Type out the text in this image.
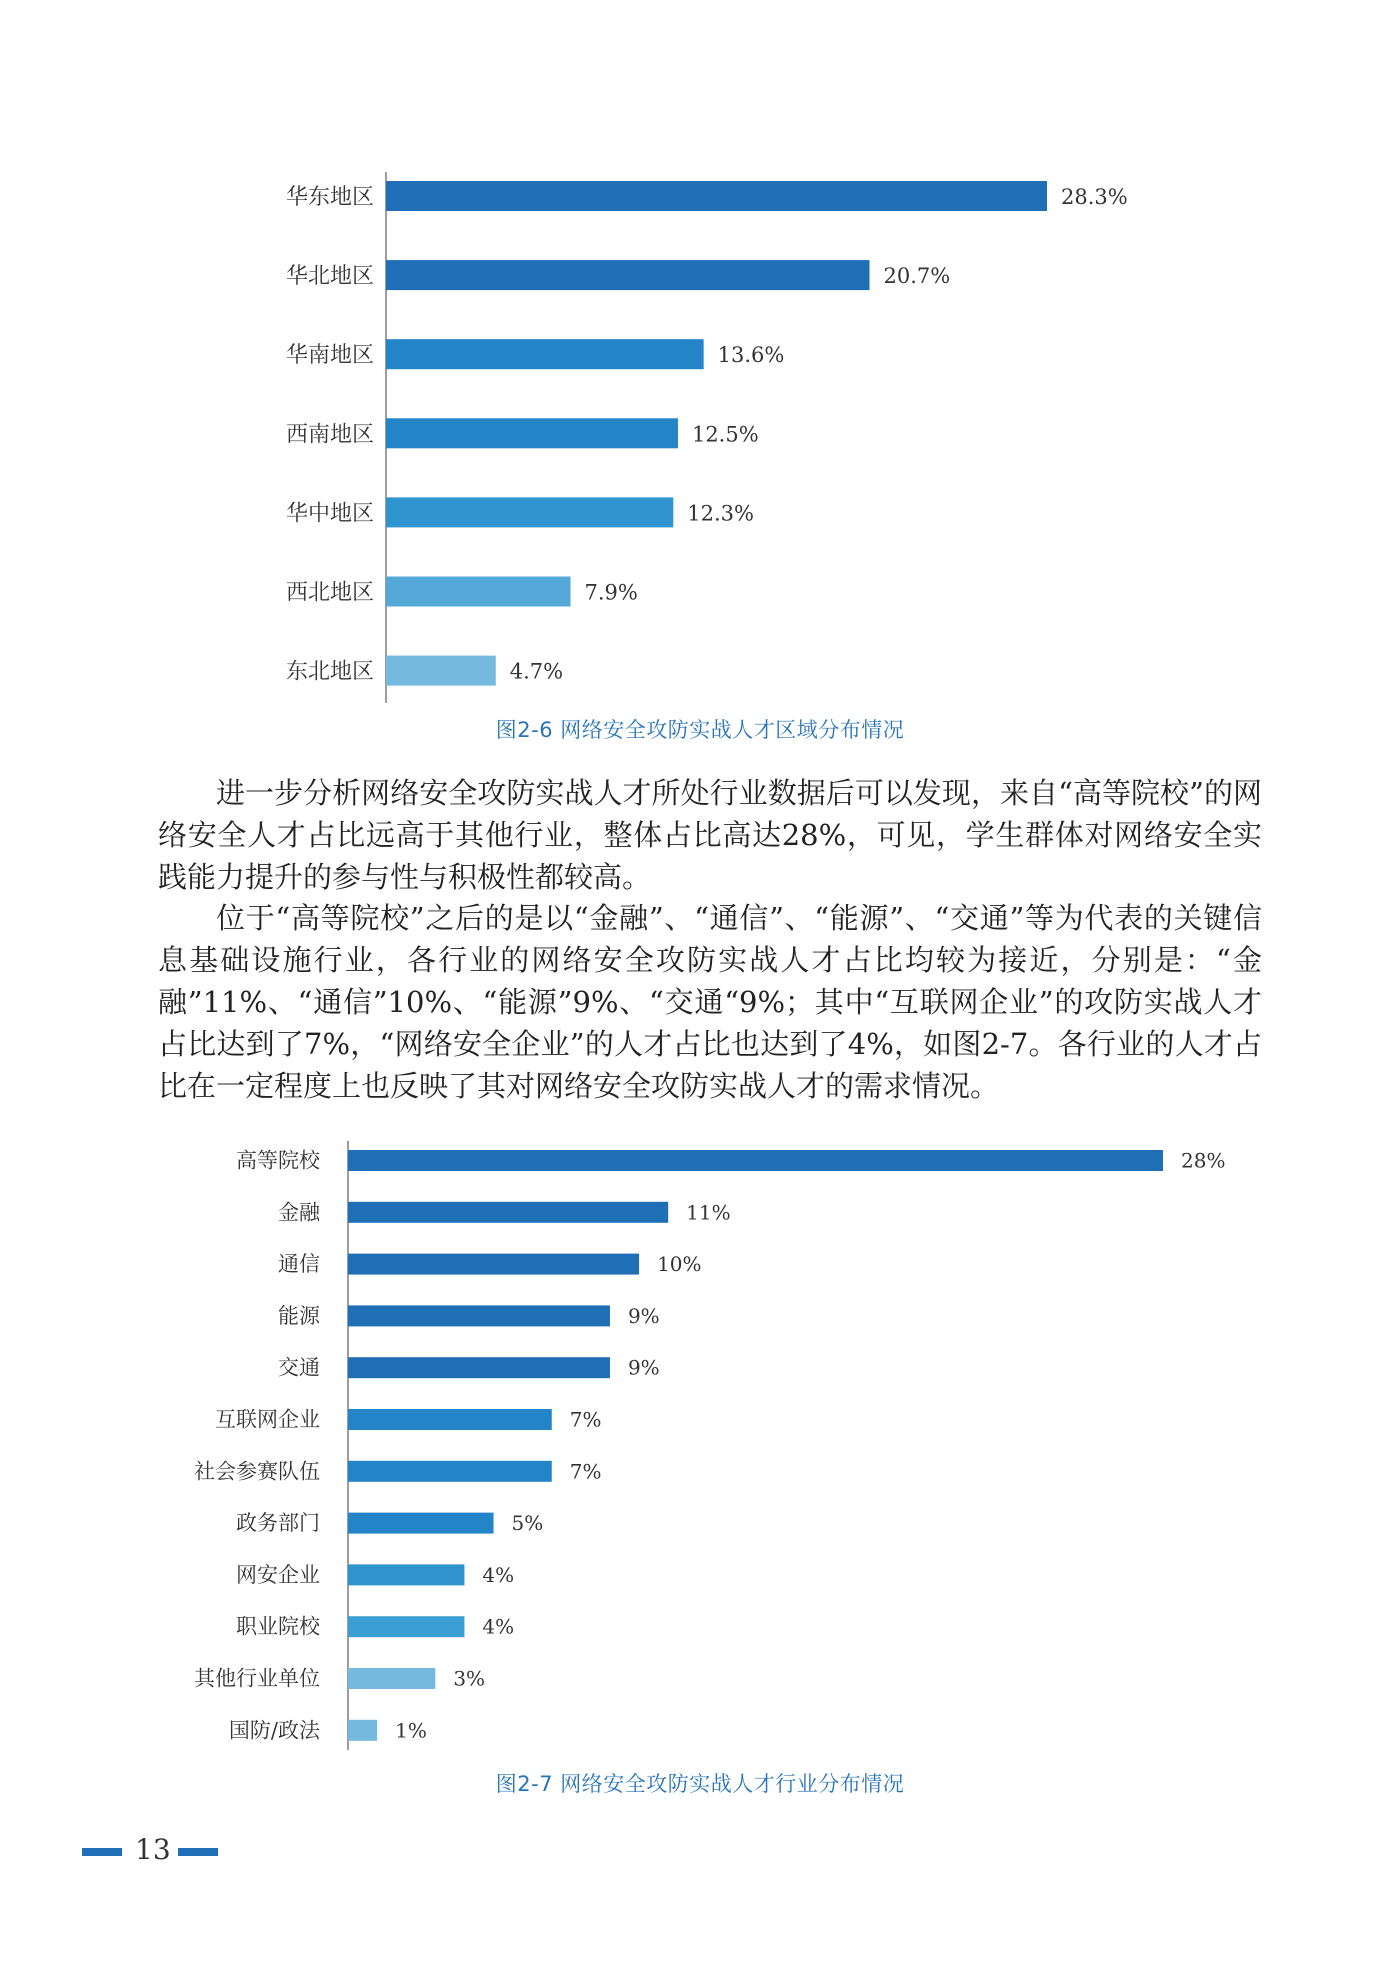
华东地区	28.3%
华北地区	20.7%
华南地区	13.6%
西南地区	12.5%
华中地区	12.3%
西北地区	7.9%
东北地区	4.7%
图2-6 网络安全攻防实战人才区域分布情况

进一步分析网络安全攻防实战人才所处行业数据后可以发现，来自“高等院校”的网络安全人才占比远高于其他行业，整体占比高达28%，可见，学生群体对网络安全实践能力提升的参与性与积极性都较高。

位于“高等院校”之后的是以“金融”、“通信”、“能源”、“交通”等为代表的关键信息基础设施行业，各行业的网络安全攻防实战人才占比均较为接近，分别是：“金融”11%、“通信”10%、“能源”9%、“交通“9%；其中“互联网企业”的攻防实战人才占比达到了7%，“网络安全企业”的人才占比也达到了4%，如图2-7。各行业的人才占比在一定程度上也反映了其对网络安全攻防实战人才的需求情况。

高等院校	28%
金融	11%
通信	10%
能源	9%
交通	9%
互联网企业	7%
社会参赛队伍	7%
政务部门	5%
网安企业	4%
职业院校	4%
其他行业单位	3%
国防/政法	1%
图2-7 网络安全攻防实战人才行业分布情况
13
